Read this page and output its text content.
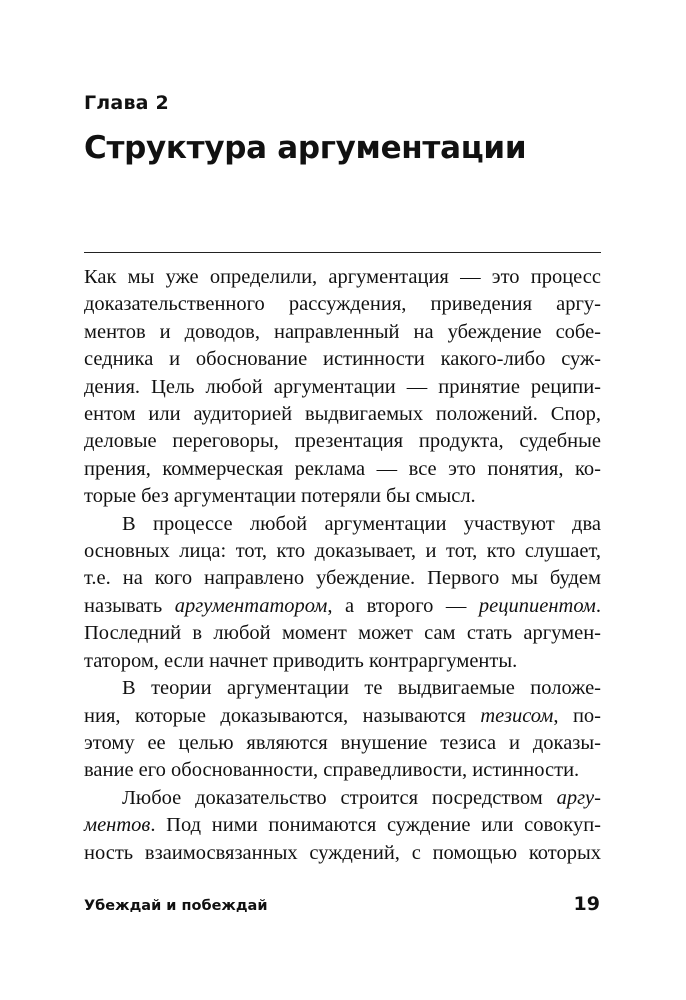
Глава 2
Структура аргументации
Как мы уже определили, аргументация — это процесс
доказательственного рассуждения, приведения аргу-
ментов и доводов, направленный на убеждение собе-
седника и обоснование истинности какого-либо суж-
дения. Цель любой аргументации — принятие реципи-
ентом или аудиторией выдвигаемых положений. Спор,
деловые переговоры, презентация продукта, судебные
прения, коммерческая реклама — все это понятия, ко-
торые без аргументации потеряли бы смысл.
В процессе любой аргументации участвуют два
основных лица: тот, кто доказывает, и тот, кто слушает,
т.е. на кого направлено убеждение. Первого мы будем
называть аргументатором, а второго — реципиентом.
Последний в любой момент может сам стать аргумен-
татором, если начнет приводить контраргументы.
В теории аргументации те выдвигаемые положе-
ния, которые доказываются, называются тезисом, по-
этому ее целью являются внушение тезиса и доказы-
вание его обоснованности, справедливости, истинности.
Любое доказательство строится посредством аргу-
ментов. Под ними понимаются суждение или совокуп-
ность взаимосвязанных суждений, с помощью которых
Убеждай и побеждай	19
